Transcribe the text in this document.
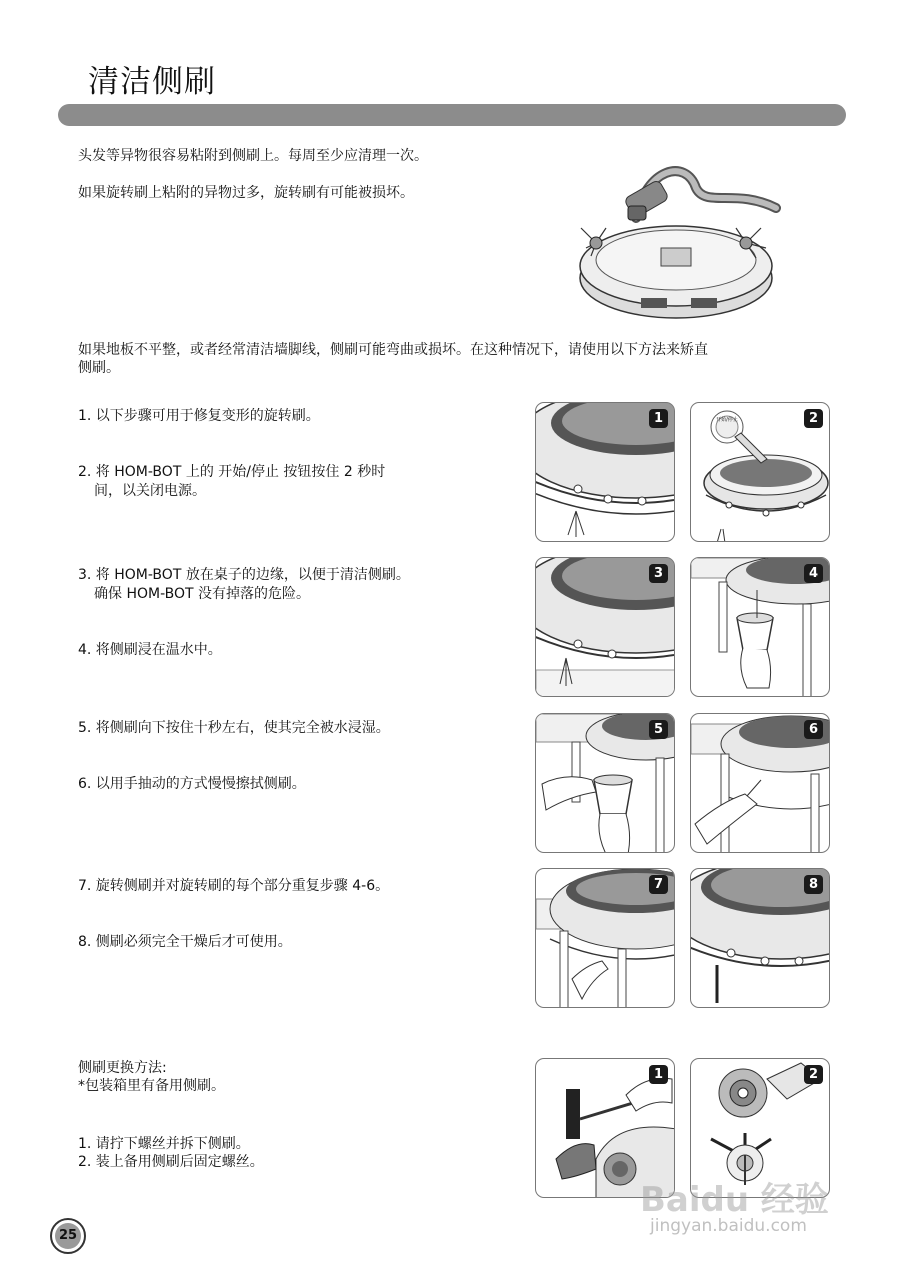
清洁侧刷
头发等异物很容易粘附到侧刷上。每周至少应清理一次。
如果旋转刷上粘附的异物过多，旋转刷有可能被损坏。
如果地板不平整，或者经常清洁墙脚线，侧刷可能弯曲或损坏。在这种情况下，请使用以下方法来矫直
侧刷。
1. 以下步骤可用于修复变形的旋转刷。
2. 将 HOM-BOT 上的 开始/停止 按钮按住 2 秒时
间，以关闭电源。
3. 将 HOM-BOT 放在桌子的边缘，以便于清洁侧刷。
确保 HOM-BOT 没有掉落的危险。
4. 将侧刷浸在温水中。
5. 将侧刷向下按住十秒左右，使其完全被水浸湿。
6. 以用手抽动的方式慢慢擦拭侧刷。
7. 旋转侧刷并对旋转刷的每个部分重复步骤 4-6。
8. 侧刷必须完全干燥后才可使用。
侧刷更换方法:
*包装箱里有备用侧刷。
1. 请拧下螺丝并拆下侧刷。
2. 装上备用侧刷后固定螺丝。
1	2
开始/停止
3	4
5	6
7	8
1	2
25
Baidu 经验
jingyan.baidu.com
